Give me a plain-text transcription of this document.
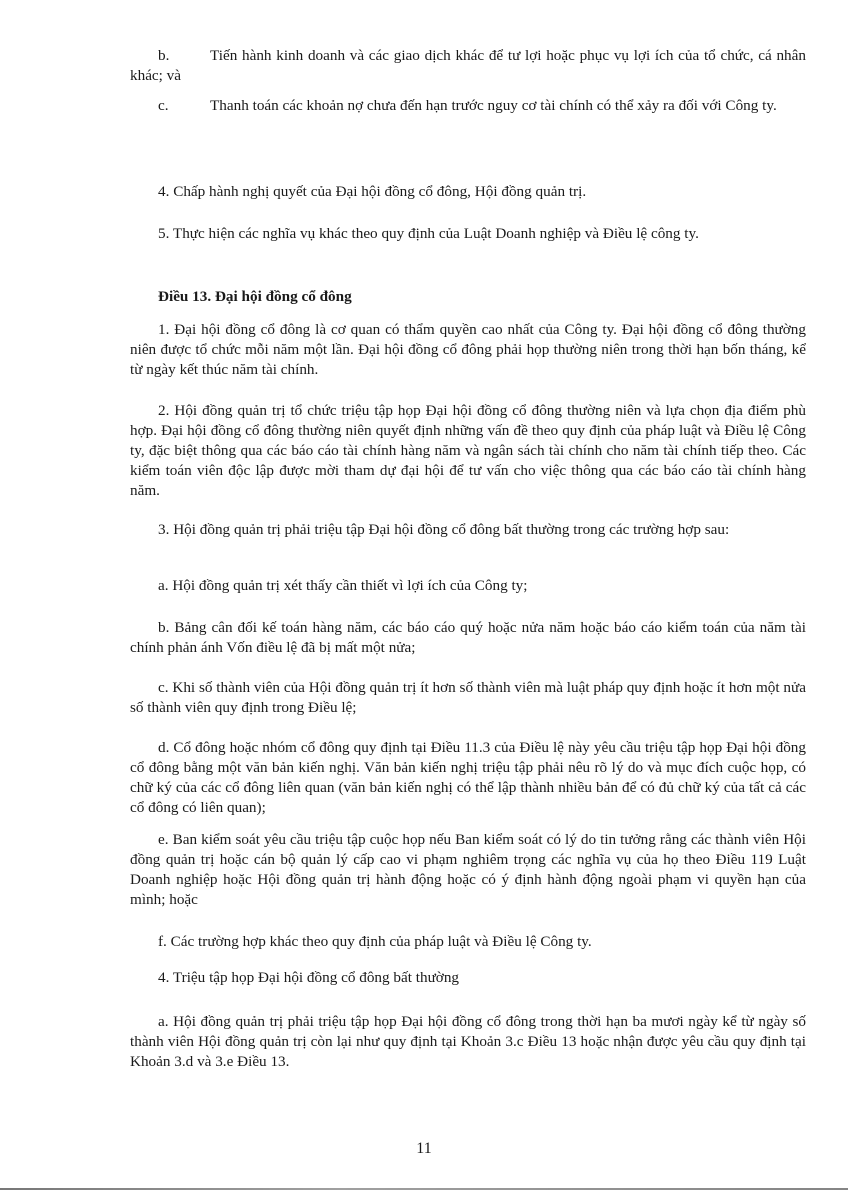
b.	Tiến hành kinh doanh và các giao dịch khác để tư lợi hoặc phục vụ lợi ích của tổ chức, cá nhân khác; và

c.	Thanh toán các khoản nợ chưa đến hạn trước nguy cơ tài chính có thể xảy ra đối với Công ty.

4. Chấp hành nghị quyết của Đại hội đồng cổ đông, Hội đồng quản trị.

5. Thực hiện các nghĩa vụ khác theo quy định của Luật Doanh nghiệp và Điều lệ công ty.

Điều 13. Đại hội đồng cổ đông

1. Đại hội đồng cổ đông là cơ quan có thẩm quyền cao nhất của Công ty. Đại hội đồng cổ đông thường niên được tổ chức mỗi năm một lần. Đại hội đồng cổ đông phải họp thường niên trong thời hạn bốn tháng, kể từ ngày kết thúc năm tài chính.

2. Hội đồng quản trị tổ chức triệu tập họp Đại hội đồng cổ đông thường niên và lựa chọn địa điểm phù hợp. Đại hội đồng cổ đông thường niên quyết định những vấn đề theo quy định của pháp luật và Điều lệ Công ty, đặc biệt thông qua các báo cáo tài chính hàng năm và ngân sách tài chính cho năm tài chính tiếp theo. Các kiểm toán viên độc lập được mời tham dự đại hội để tư vấn cho việc thông qua các báo cáo tài chính hàng năm.

3. Hội đồng quản trị phải triệu tập Đại hội đồng cổ đông bất thường trong các trường hợp sau:

a. Hội đồng quản trị xét thấy cần thiết vì lợi ích của Công ty;

b. Bảng cân đối kế toán hàng năm, các báo cáo quý hoặc nửa năm hoặc báo cáo kiểm toán của năm tài chính phản ánh Vốn điều lệ đã bị mất một nửa;

c. Khi số thành viên của Hội đồng quản trị ít hơn số thành viên mà luật pháp quy định hoặc ít hơn một nửa số thành viên quy định trong Điều lệ;

d. Cổ đông hoặc nhóm cổ đông quy định tại Điều 11.3 của Điều lệ này yêu cầu triệu tập họp Đại hội đồng cổ đông bằng một văn bản kiến nghị. Văn bản kiến nghị triệu tập phải nêu rõ lý do và mục đích cuộc họp, có chữ ký của các cổ đông liên quan (văn bản kiến nghị có thể lập thành nhiều bản để có đủ chữ ký của tất cả các cổ đông có liên quan);

e. Ban kiểm soát yêu cầu triệu tập cuộc họp nếu Ban kiểm soát có lý do tin tưởng rằng các thành viên Hội đồng quản trị hoặc cán bộ quản lý cấp cao vi phạm nghiêm trọng các nghĩa vụ của họ theo Điều 119 Luật Doanh nghiệp hoặc Hội đồng quản trị hành động hoặc có ý định hành động ngoài phạm vi quyền hạn của mình; hoặc

f. Các trường hợp khác theo quy định của pháp luật và Điều lệ Công ty.

4. Triệu tập họp Đại hội đồng cổ đông bất thường

a. Hội đồng quản trị phải triệu tập họp Đại hội đồng cổ đông trong thời hạn ba mươi ngày kể từ ngày số thành viên Hội đồng quản trị còn lại như quy định tại Khoản 3.c Điều 13 hoặc nhận được yêu cầu quy định tại Khoản 3.d và 3.e Điều 13.

11
